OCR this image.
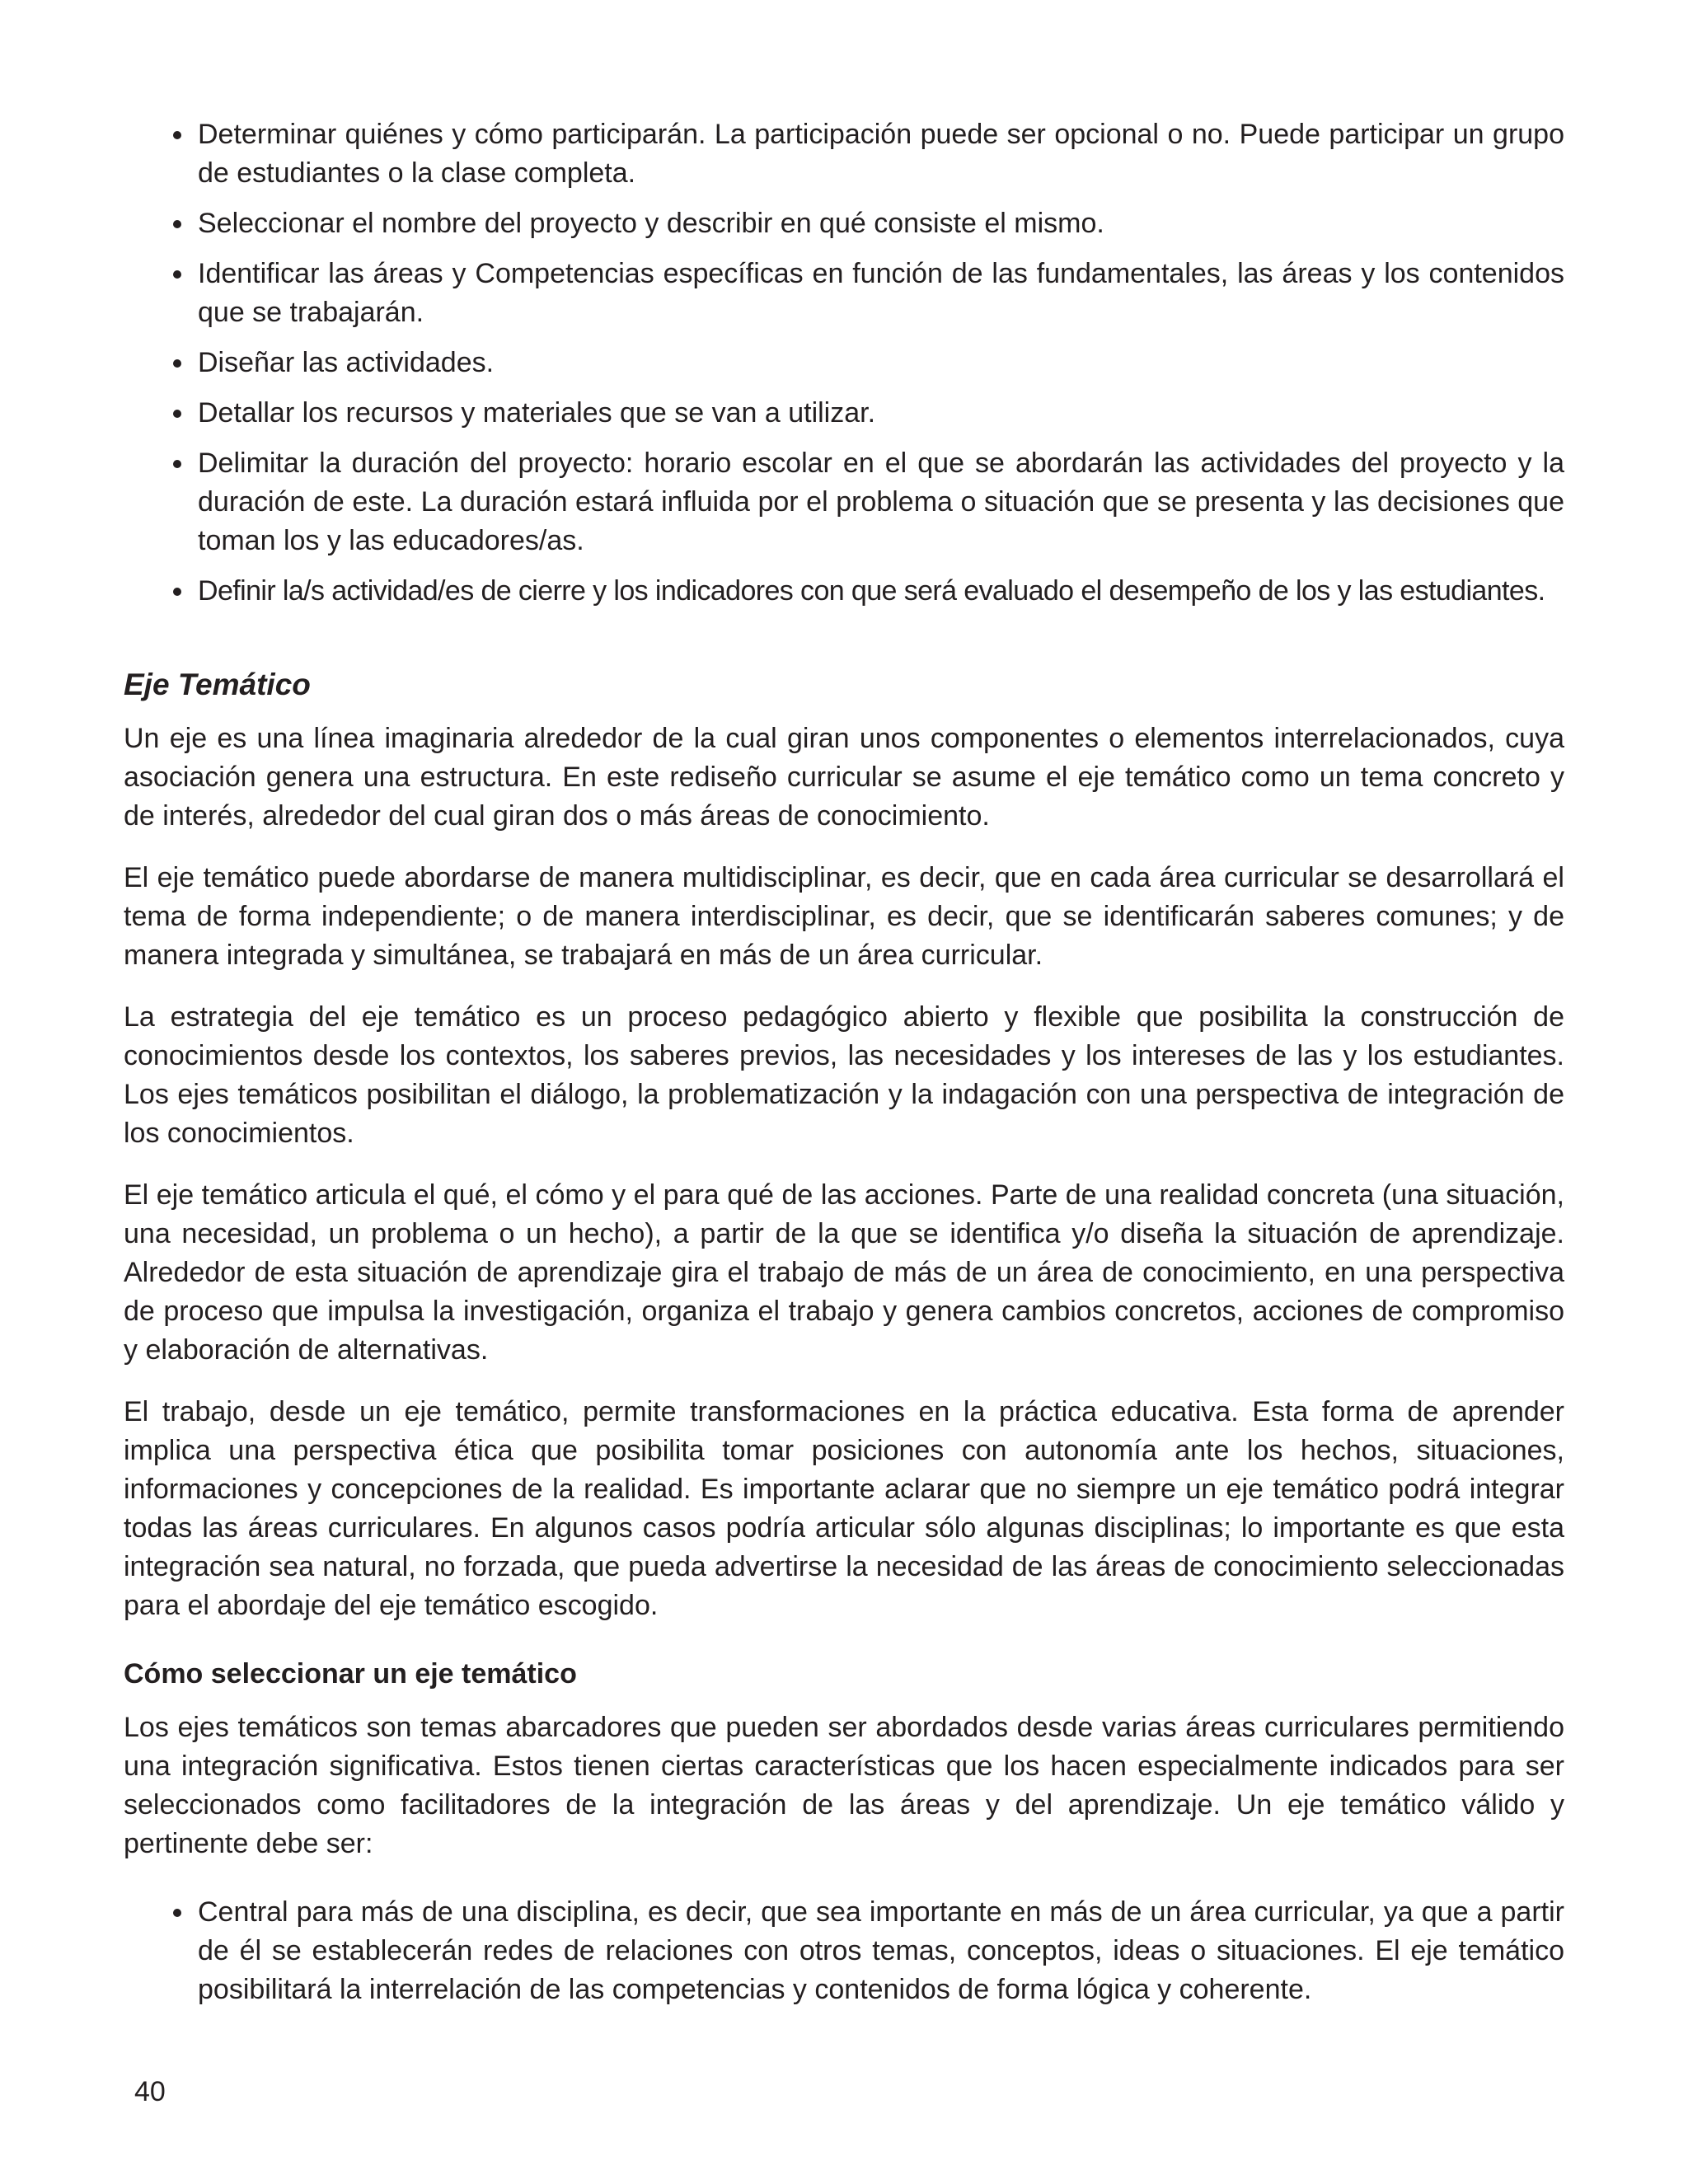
Determinar quiénes y cómo participarán. La participación puede ser opcional o no. Puede participar un grupo de estudiantes o la clase completa.
Seleccionar el nombre del proyecto y describir en qué consiste el mismo.
Identificar las áreas y Competencias específicas en función de las fundamentales, las áreas y los contenidos que se trabajarán.
Diseñar las actividades.
Detallar los recursos y materiales que se van a utilizar.
Delimitar la duración del proyecto: horario escolar en el que se abordarán las actividades del proyecto y la duración de este. La duración estará influida por el problema o situación que se presenta y las decisiones que toman los y las educadores/as.
Definir la/s actividad/es de cierre y los indicadores con que será evaluado el desempeño de los y las estudiantes.
Eje Temático

Un eje es una línea imaginaria alrededor de la cual giran unos componentes o elementos interrelacionados, cuya asociación genera una estructura. En este rediseño curricular se asume el eje temático como un tema concreto y de interés, alrededor del cual giran dos o más áreas de conocimiento.

El eje temático puede abordarse de manera multidisciplinar, es decir, que en cada área curricular se desarrollará el tema de forma independiente; o de manera interdisciplinar, es decir, que se identificarán saberes comunes; y de manera integrada y simultánea, se trabajará en más de un área curricular.

La estrategia del eje temático es un proceso pedagógico abierto y flexible que posibilita la construcción de conocimientos desde los contextos, los saberes previos, las necesidades y los intereses de las y los estudiantes. Los ejes temáticos posibilitan el diálogo, la problematización y la indagación con una perspectiva de integración de los conocimientos.

El eje temático articula el qué, el cómo y el para qué de las acciones. Parte de una realidad concreta (una situación, una necesidad, un problema o un hecho), a partir de la que se identifica y/o diseña la situación de aprendizaje. Alrededor de esta situación de aprendizaje gira el trabajo de más de un área de conocimiento, en una perspectiva de proceso que impulsa la investigación, organiza el trabajo y genera cambios concretos, acciones de compromiso y elaboración de alternativas.

El trabajo, desde un eje temático, permite transformaciones en la práctica educativa. Esta forma de aprender implica una perspectiva ética que posibilita tomar posiciones con autonomía ante los hechos, situaciones, informaciones y concepciones de la realidad. Es importante aclarar que no siempre un eje temático podrá integrar todas las áreas curriculares. En algunos casos podría articular sólo algunas disciplinas; lo importante es que esta integración sea natural, no forzada, que pueda advertirse la necesidad de las áreas de conocimiento seleccionadas para el abordaje del eje temático escogido.

Cómo seleccionar un eje temático

Los ejes temáticos son temas abarcadores que pueden ser abordados desde varias áreas curriculares permitiendo una integración significativa. Estos tienen ciertas características que los hacen especialmente indicados para ser seleccionados como facilitadores de la integración de las áreas y del aprendizaje. Un eje temático válido y pertinente debe ser:

Central para más de una disciplina, es decir, que sea importante en más de un área curricular, ya que a partir de él se establecerán redes de relaciones con otros temas, conceptos, ideas o situaciones. El eje temático posibilitará la interrelación de las competencias y contenidos de forma lógica y coherente.
40
